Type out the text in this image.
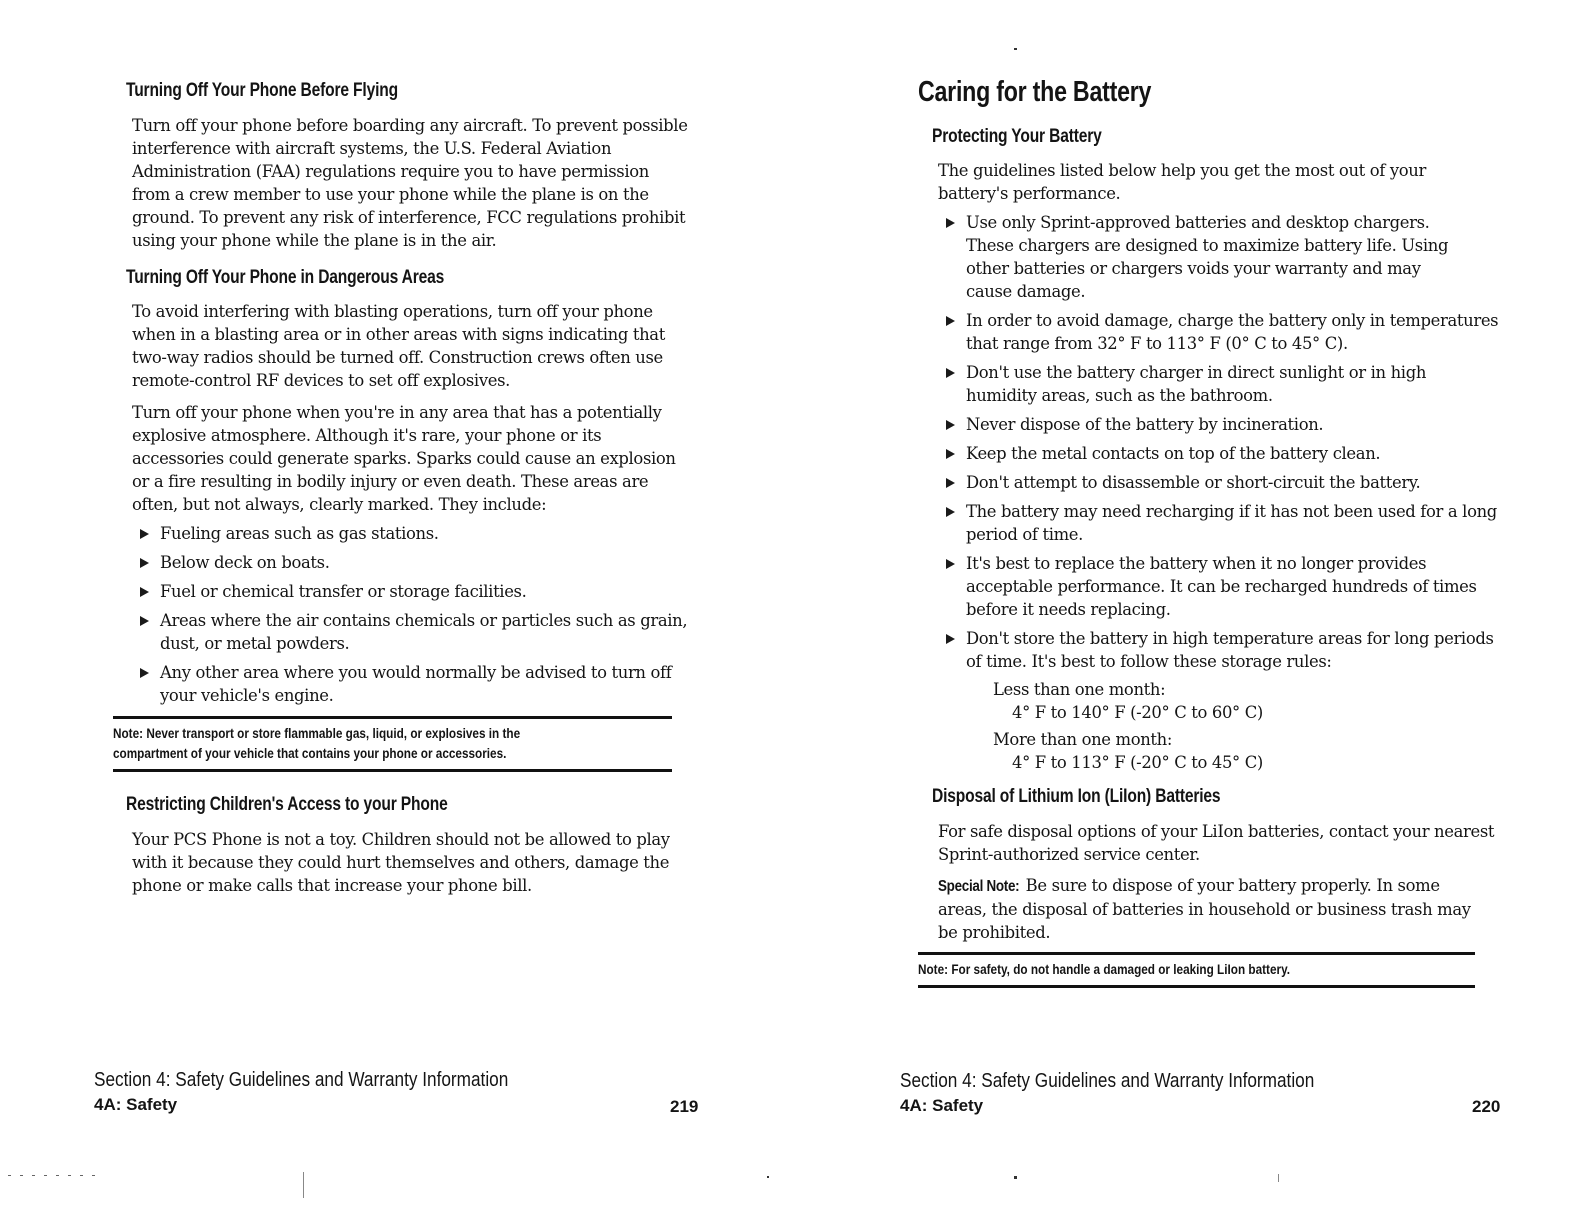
Turning Off Your Phone Before Flying
Turn off your phone before boarding any aircraft. To prevent possible
interference with aircraft systems, the U.S. Federal Aviation
Administration (FAA) regulations require you to have permission
from a crew member to use your phone while the plane is on the
ground. To prevent any risk of interference, FCC regulations prohibit
using your phone while the plane is in the air.
Turning Off Your Phone in Dangerous Areas
To avoid interfering with blasting operations, turn off your phone
when in a blasting area or in other areas with signs indicating that
two-way radios should be turned off. Construction crews often use
remote-control RF devices to set off explosives.
Turn off your phone when you're in any area that has a potentially
explosive atmosphere. Although it's rare, your phone or its
accessories could generate sparks. Sparks could cause an explosion
or a fire resulting in bodily injury or even death. These areas are
often, but not always, clearly marked. They include:
Fueling areas such as gas stations.
Below deck on boats.
Fuel or chemical transfer or storage facilities.
Areas where the air contains chemicals or particles such as grain,
dust, or metal powders.
Any other area where you would normally be advised to turn off
your vehicle's engine.
Note: Never transport or store flammable gas, liquid, or explosives in the
compartment of your vehicle that contains your phone or accessories.
Restricting Children's Access to your Phone
Your PCS Phone is not a toy. Children should not be allowed to play
with it because they could hurt themselves and others, damage the
phone or make calls that increase your phone bill.
Section 4: Safety Guidelines and Warranty Information
4A: Safety	219
Caring for the Battery
Protecting Your Battery
The guidelines listed below help you get the most out of your
battery's performance.
Use only Sprint-approved batteries and desktop chargers.
These chargers are designed to maximize battery life. Using
other batteries or chargers voids your warranty and may
cause damage.
In order to avoid damage, charge the battery only in temperatures
that range from 32° F to 113° F (0° C to 45° C).
Don't use the battery charger in direct sunlight or in high
humidity areas, such as the bathroom.
Never dispose of the battery by incineration.
Keep the metal contacts on top of the battery clean.
Don't attempt to disassemble or short-circuit the battery.
The battery may need recharging if it has not been used for a long
period of time.
It's best to replace the battery when it no longer provides
acceptable performance. It can be recharged hundreds of times
before it needs replacing.
Don't store the battery in high temperature areas for long periods
of time. It's best to follow these storage rules:
Less than one month:
4° F to 140° F (-20° C to 60° C)
More than one month:
4° F to 113° F (-20° C to 45° C)
Disposal of Lithium Ion (LiIon) Batteries
For safe disposal options of your LiIon batteries, contact your nearest
Sprint-authorized service center.
Special Note: Be sure to dispose of your battery properly. In some
areas, the disposal of batteries in household or business trash may
be prohibited.
Note: For safety, do not handle a damaged or leaking LiIon battery.
Section 4: Safety Guidelines and Warranty Information
4A: Safety	220
